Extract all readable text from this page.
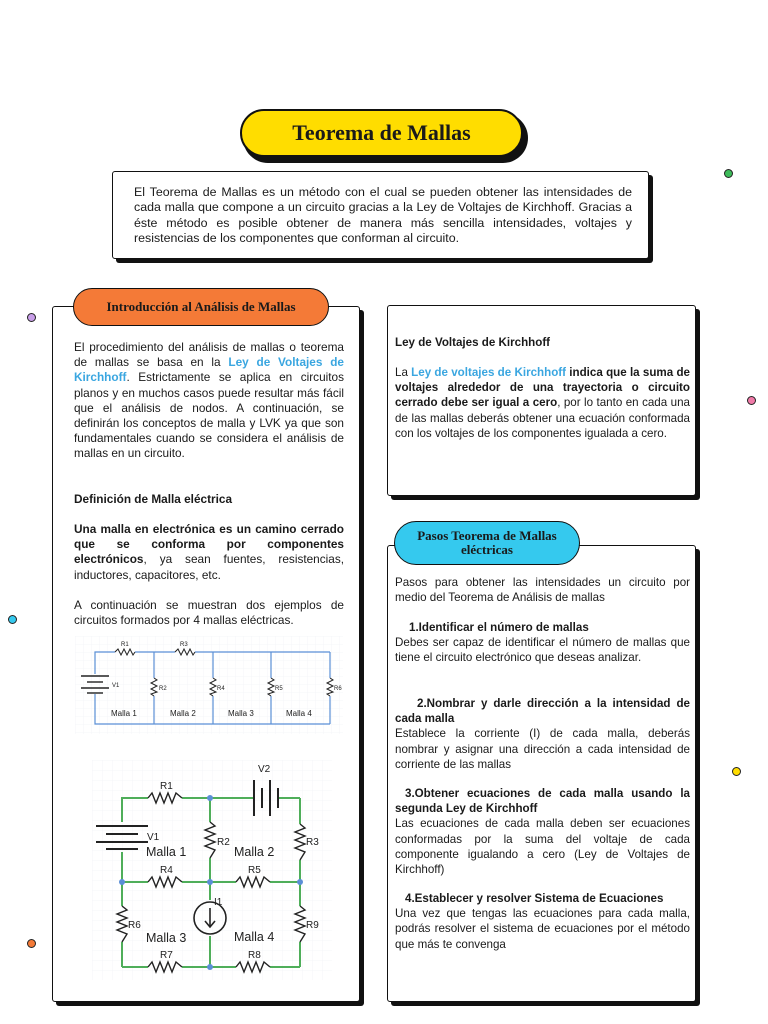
Teorema de Mallas
El Teorema de Mallas es un método con el cual se pueden obtener las intensidades de cada malla que compone a un circuito gracias a la Ley de Voltajes de Kirchhoff. Gracias a éste método es posible obtener de manera más sencilla intensidades, voltajes y resistencias de los componentes que conforman al circuito.
Introducción al Análisis de Mallas
El procedimiento del análisis de mallas o teorema de mallas se basa en la Ley de Voltajes de Kirchhoff. Estrictamente se aplica en circuitos planos y en muchos casos puede resultar más fácil que el análisis de nodos. A continuación, se definirán los conceptos de malla y LVK ya que son fundamentales cuando se considera el análisis de mallas en un circuito.
Definición de Malla eléctrica
Una malla en electrónica es un camino cerrado que se conforma por componentes electrónicos, ya sean fuentes, resistencias, inductores, capacitores, etc.
A continuación se muestran dos ejemplos de circuitos formados por 4 mallas eléctricas.
R1	R3
R2	R4	R5	R6
V1
Malla 1	Malla 2	Malla 3	Malla 4
R1
V2
V1	R2	R3
R4	R5
I1
R6	R9
R7	R8
Malla 1	Malla 2
Malla 3	Malla 4
Ley de Voltajes de Kirchhoff
La Ley de voltajes de Kirchhoff indica que la suma de voltajes alrededor de una trayectoria o circuito cerrado debe ser igual a cero, por lo tanto en cada una de las mallas deberás obtener una ecuación conformada con los voltajes de los componentes igualada a cero.
Pasos Teorema de Mallas eléctricas
Pasos para obtener las intensidades un circuito por medio del Teorema de Análisis de mallas
1.Identificar el número de mallas
Debes ser capaz de identificar el número de mallas que tiene el circuito electrónico que deseas analizar.
2.Nombrar y darle dirección a la intensidad de cada malla
Establece la corriente (I) de cada malla, deberás nombrar y asignar una dirección a cada intensidad de corriente de las mallas
3.Obtener ecuaciones de cada malla usando la segunda Ley de Kirchhoff
Las ecuaciones de cada malla deben ser ecuaciones conformadas por la suma del voltaje de cada componente igualando a cero (Ley de Voltajes de Kirchhoff)
4.Establecer y resolver Sistema de Ecuaciones
Una vez que tengas las ecuaciones para cada malla, podrás resolver el sistema de ecuaciones por el método que más te convenga
